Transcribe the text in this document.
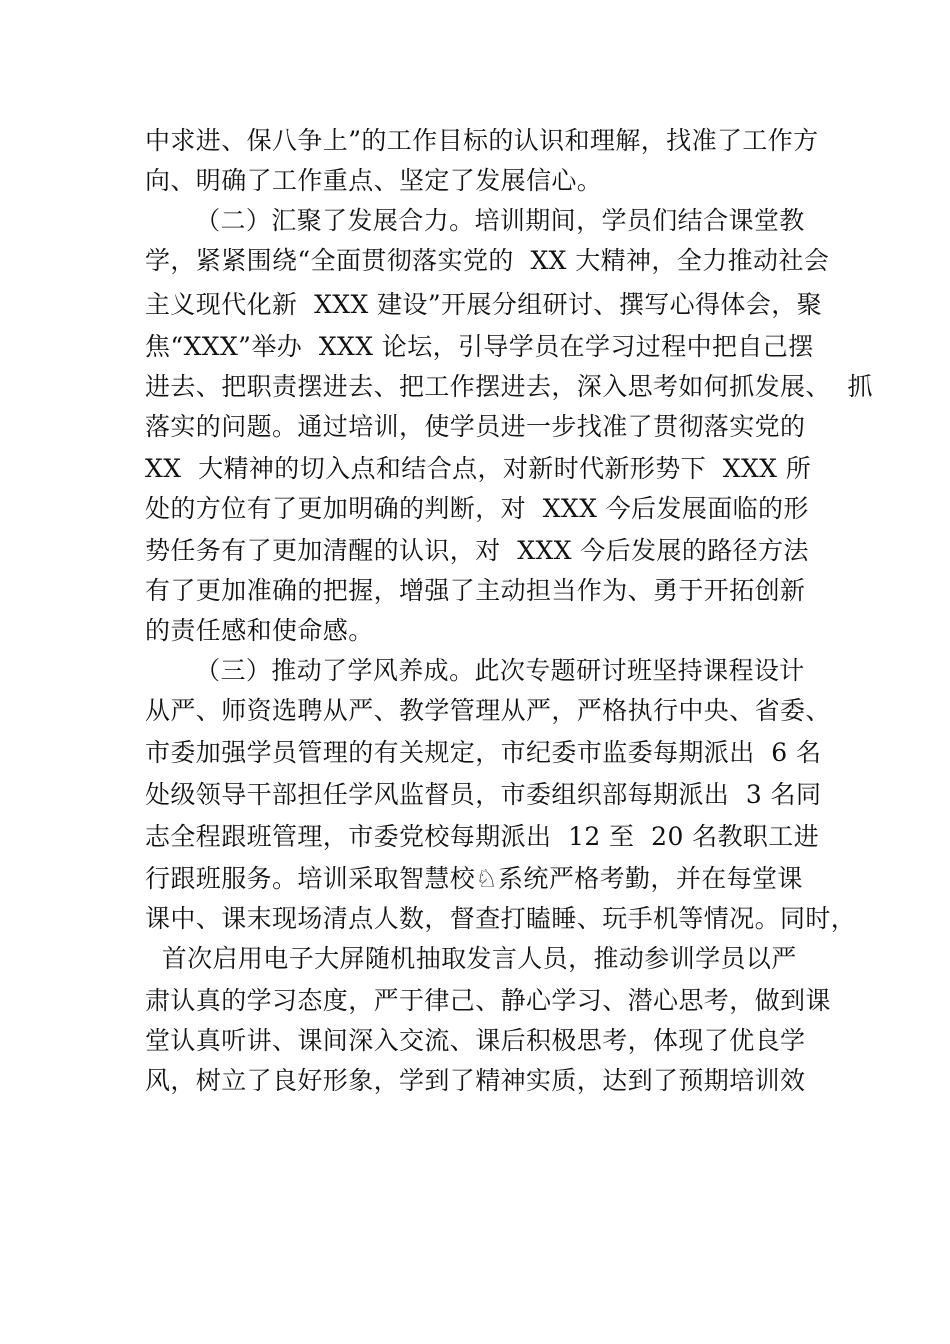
中求进、保八争上”的工作目标的认识和理解，找准了工作方
向、明确了工作重点、坚定了发展信心。
（二）汇聚了发展合力。培训期间，学员们结合课堂教
学，紧紧围绕“全面贯彻落实党的  XX 大精神，全力推动社会
主义现代化新  XXX 建设”开展分组研讨、撰写心得体会，聚
焦“XXX”举办  XXX 论坛，引导学员在学习过程中把自己摆
进去、把职责摆进去、把工作摆进去，深入思考如何抓发展、  抓
落实的问题。通过培训，使学员进一步找准了贯彻落实党的
XX  大精神的切入点和结合点，对新时代新形势下  XXX 所
处的方位有了更加明确的判断，对  XXX 今后发展面临的形
势任务有了更加清醒的认识，对  XXX 今后发展的路径方法
有了更加准确的把握，增强了主动担当作为、勇于开拓创新
的责任感和使命感。
（三）推动了学风养成。此次专题研讨班坚持课程设计
从严、师资选聘从严、教学管理从严，严格执行中央、省委、
市委加强学员管理的有关规定，市纪委市监委每期派出  6 名
处级领导干部担任学风监督员，市委组织部每期派出  3 名同
志全程跟班管理，市委党校每期派出  12 至  20 名教职工进
行跟班服务。培训采取智慧校♘系统严格考勤，并在每堂课
课中、课末现场清点人数，督查打瞌睡、玩手机等情况。同时，
首次启用电子大屏随机抽取发言人员，推动参训学员以严
肃认真的学习态度，严于律己、静心学习、潜心思考，做到课
堂认真听讲、课间深入交流、课后积极思考，体现了优良学
风，树立了良好形象，学到了精神实质，达到了预期培训效
